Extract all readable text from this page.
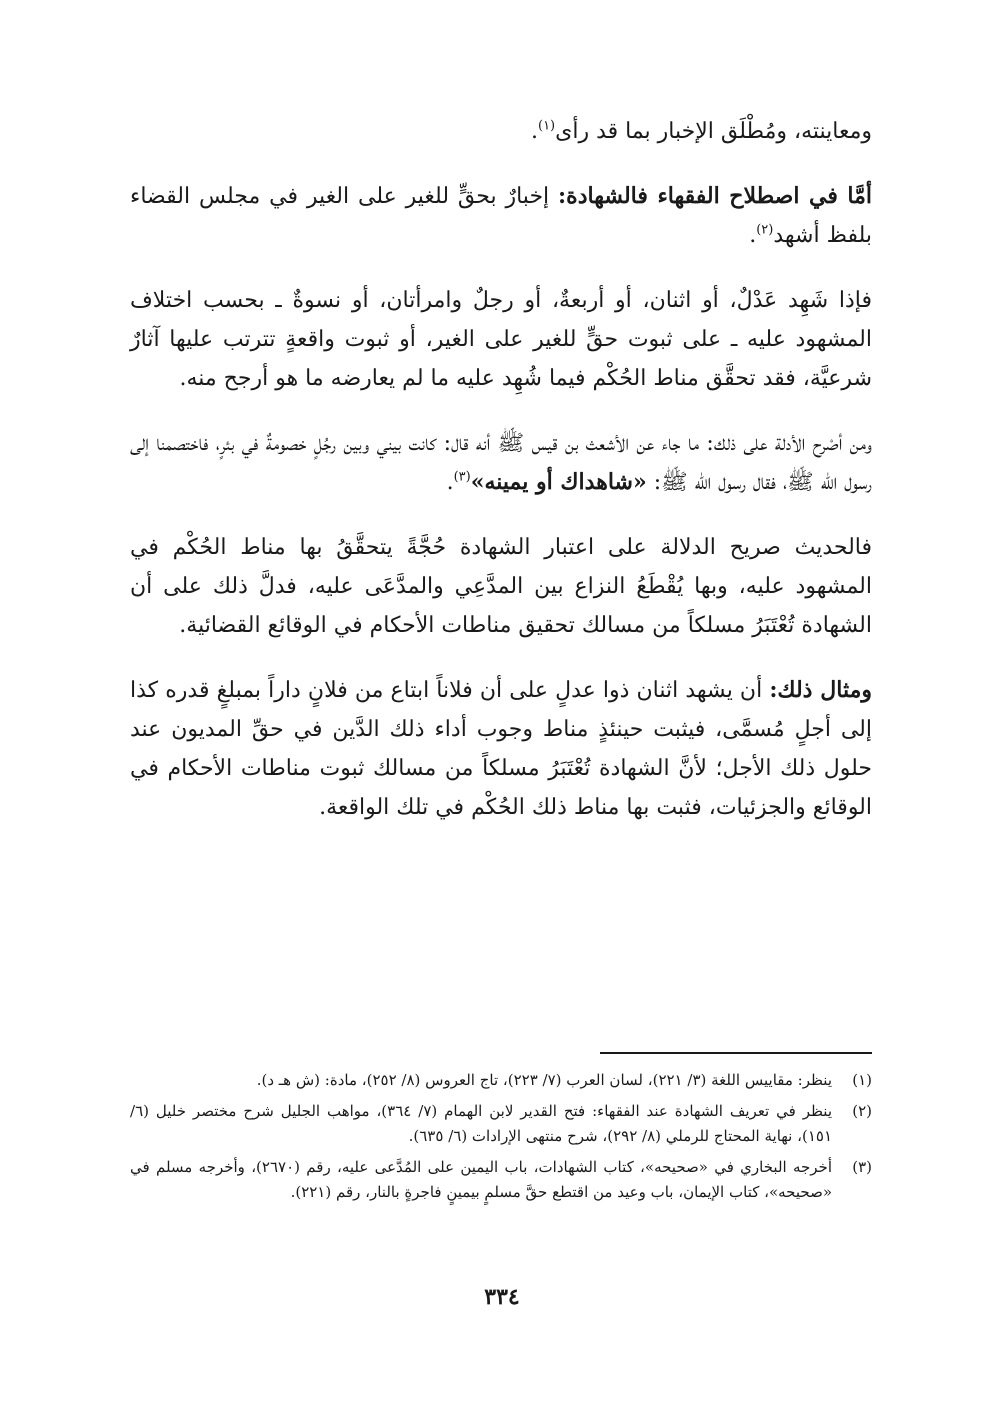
ومعاينته، ومُطْلَق الإخبار بما قد رأى$^{(١)}$.

أمَّا في اصطلاح الفقهاء فالشهادة: إخبارٌ بحقٍّ للغير على الغير في مجلس القضاء بلفظ أشهد$^{(٢)}$.

فإذا شَهِد عَدْلٌ، أو اثنان، أو أربعةٌ، أو رجلٌ وامرأتان، أو نسوةٌ ـ بحسب اختلاف المشهود عليه ـ على ثبوت حقٍّ للغير على الغير، أو ثبوت واقعةٍ تترتب عليها آثارٌ شرعيَّة، فقد تحقَّق مناط الحُكْم فيما شُهِد عليه ما لم يعارضه ما هو أرجح منه.

ومن أصْرح الأدلة على ذلك: ما جاء عن الأشعث بن قيس ﷺ أنه قال: كانت بيني وبين رجُلٍ خصومةٌ في بئرٍ، فاختصمنا إلى رسول الله ﷺ، فقال رسول الله ﷺ: «شاهداك أو يمينه»$^{(٣)}$.

فالحديث صريح الدلالة على اعتبار الشهادة حُجَّةً يتحقَّقُ بها مناط الحُكْم في المشهود عليه، وبها يُقْطَعُ النزاع بين المدَّعِي والمدَّعَى عليه، فدلَّ ذلك على أن الشهادة تُعْتَبَرُ مسلكاً من مسالك تحقيق مناطات الأحكام في الوقائع القضائية.

ومثال ذلك: أن يشهد اثنان ذوا عدلٍ على أن فلاناً ابتاع من فلانٍ داراً بمبلغٍ قدره كذا إلى أجلٍ مُسمَّى، فيثبت حينئذٍ مناط وجوب أداء ذلك الدَّين في حقِّ المديون عند حلول ذلك الأجل؛ لأنَّ الشهادة تُعْتَبَرُ مسلكاً من مسالك ثبوت مناطات الأحكام في الوقائع والجزئيات، فثبت بها مناط ذلك الحُكْم في تلك الواقعة.

(١)
ينظر: مقاييس اللغة (٣/ ٢٢١)، لسان العرب (٧/ ٢٢٣)، تاج العروس (٨/ ٢٥٢)، مادة: (ش هـ د).
(٢)
ينظر في تعريف الشهادة عند الفقهاء: فتح القدير لابن الهمام (٧/ ٣٦٤)، مواهب الجليل شرح مختصر خليل (٦/ ١٥١)، نهاية المحتاج للرملي (٨/ ٢٩٢)، شرح منتهى الإرادات (٦/ ٦٣٥).
(٣)
أخرجه البخاري في «صحيحه»، كتاب الشهادات، باب اليمين على المُدَّعى عليه، رقم (٢٦٧٠)، وأخرجه مسلم في «صحيحه»، كتاب الإيمان، باب وعيد من اقتطع حقَّ مسلمٍ بيمينٍ فاجرةٍ بالنار، رقم (٢٢١).
٣٣٤
